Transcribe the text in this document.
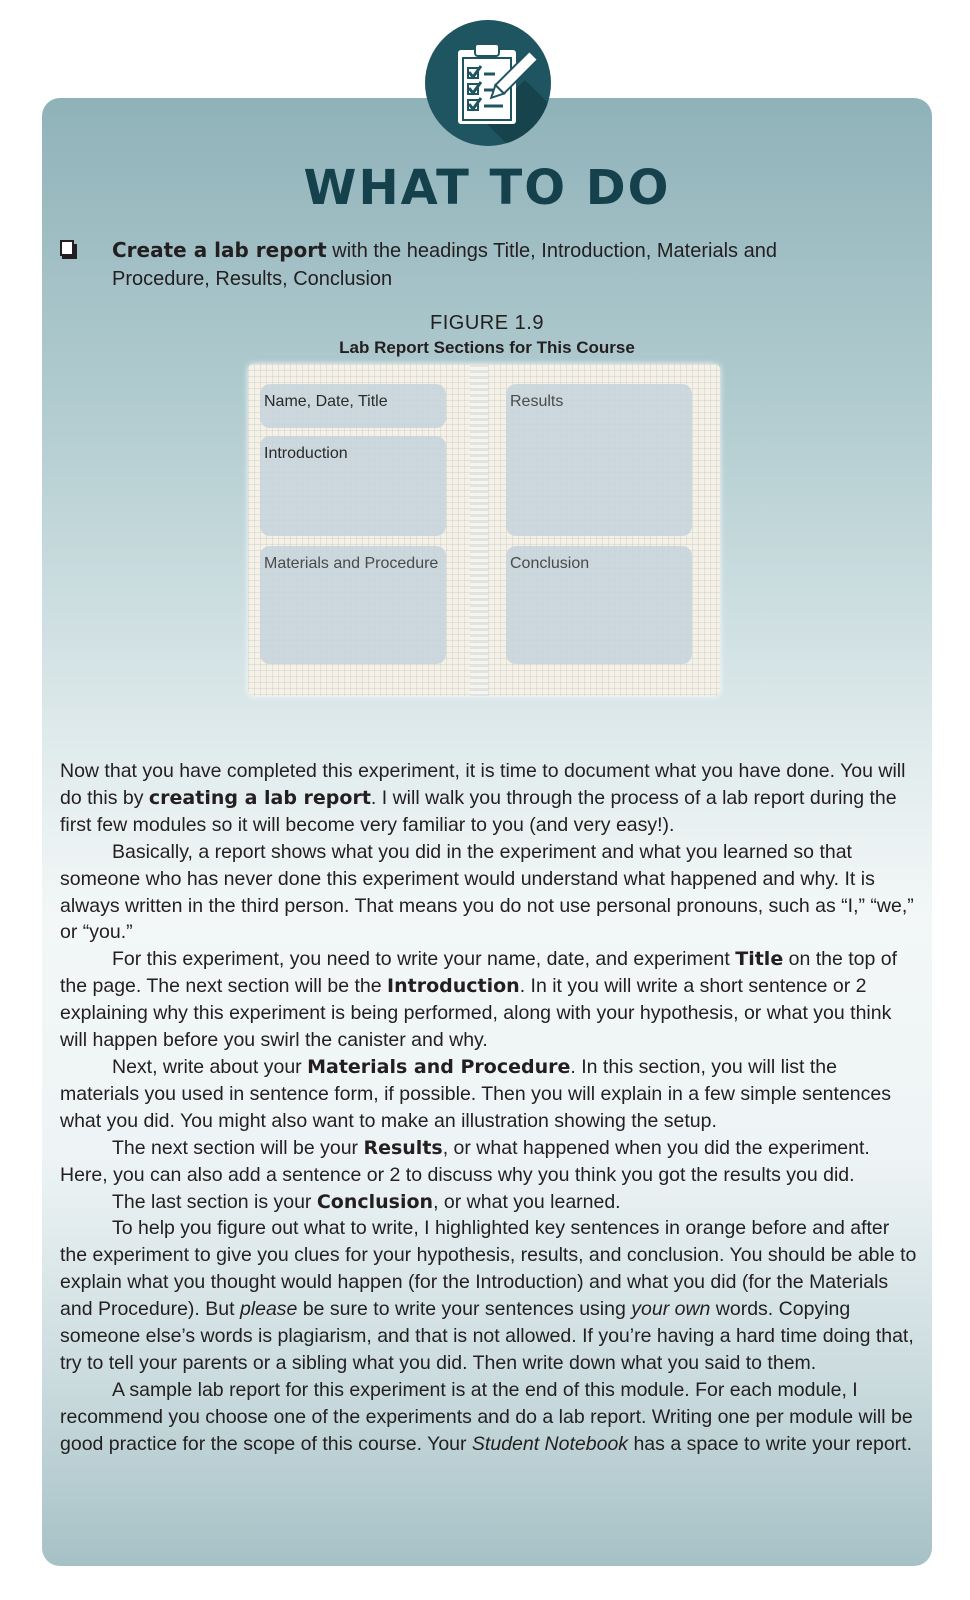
WHAT TO DO
Create a lab report with the headings Title, Introduction, Materials and Procedure, Results, Conclusion
FIGURE 1.9
Lab Report Sections for This Course
Name, Date, Title
Introduction
Materials and Procedure
Results
Conclusion

Now that you have completed this experiment, it is time to document what you have done. You will do this by creating a lab report. I will walk you through the process of a lab report during the first few modules so it will become very familiar to you (and very easy!).

Basically, a report shows what you did in the experiment and what you learned so that someone who has never done this experiment would understand what happened and why. It is always written in the third person. That means you do not use personal pronouns, such as “I,” “we,” or “you.”

For this experiment, you need to write your name, date, and experiment Title on the top of the page. The next section will be the Introduction. In it you will write a short sentence or 2 explaining why this experiment is being performed, along with your hypothesis, or what you think will happen before you swirl the canister and why.

Next, write about your Materials and Procedure. In this section, you will list the materials you used in sentence form, if possible. Then you will explain in a few simple sentences what you did. You might also want to make an illustration showing the setup.

The next section will be your Results, or what happened when you did the experiment. Here, you can also add a sentence or 2 to discuss why you think you got the results you did.

The last section is your Conclusion, or what you learned.

To help you figure out what to write, I highlighted key sentences in orange before and after the experiment to give you clues for your hypothesis, results, and conclusion. You should be able to explain what you thought would happen (for the Introduction) and what you did (for the Materials and Procedure). But please be sure to write your sentences using your own words. Copying someone else’s words is plagiarism, and that is not allowed. If you’re having a hard time doing that, try to tell your parents or a sibling what you did. Then write down what you said to them.

A sample lab report for this experiment is at the end of this module. For each module, I recommend you choose one of the experiments and do a lab report. Writing one per module will be good practice for the scope of this course. Your Student Notebook has a space to write your report.
